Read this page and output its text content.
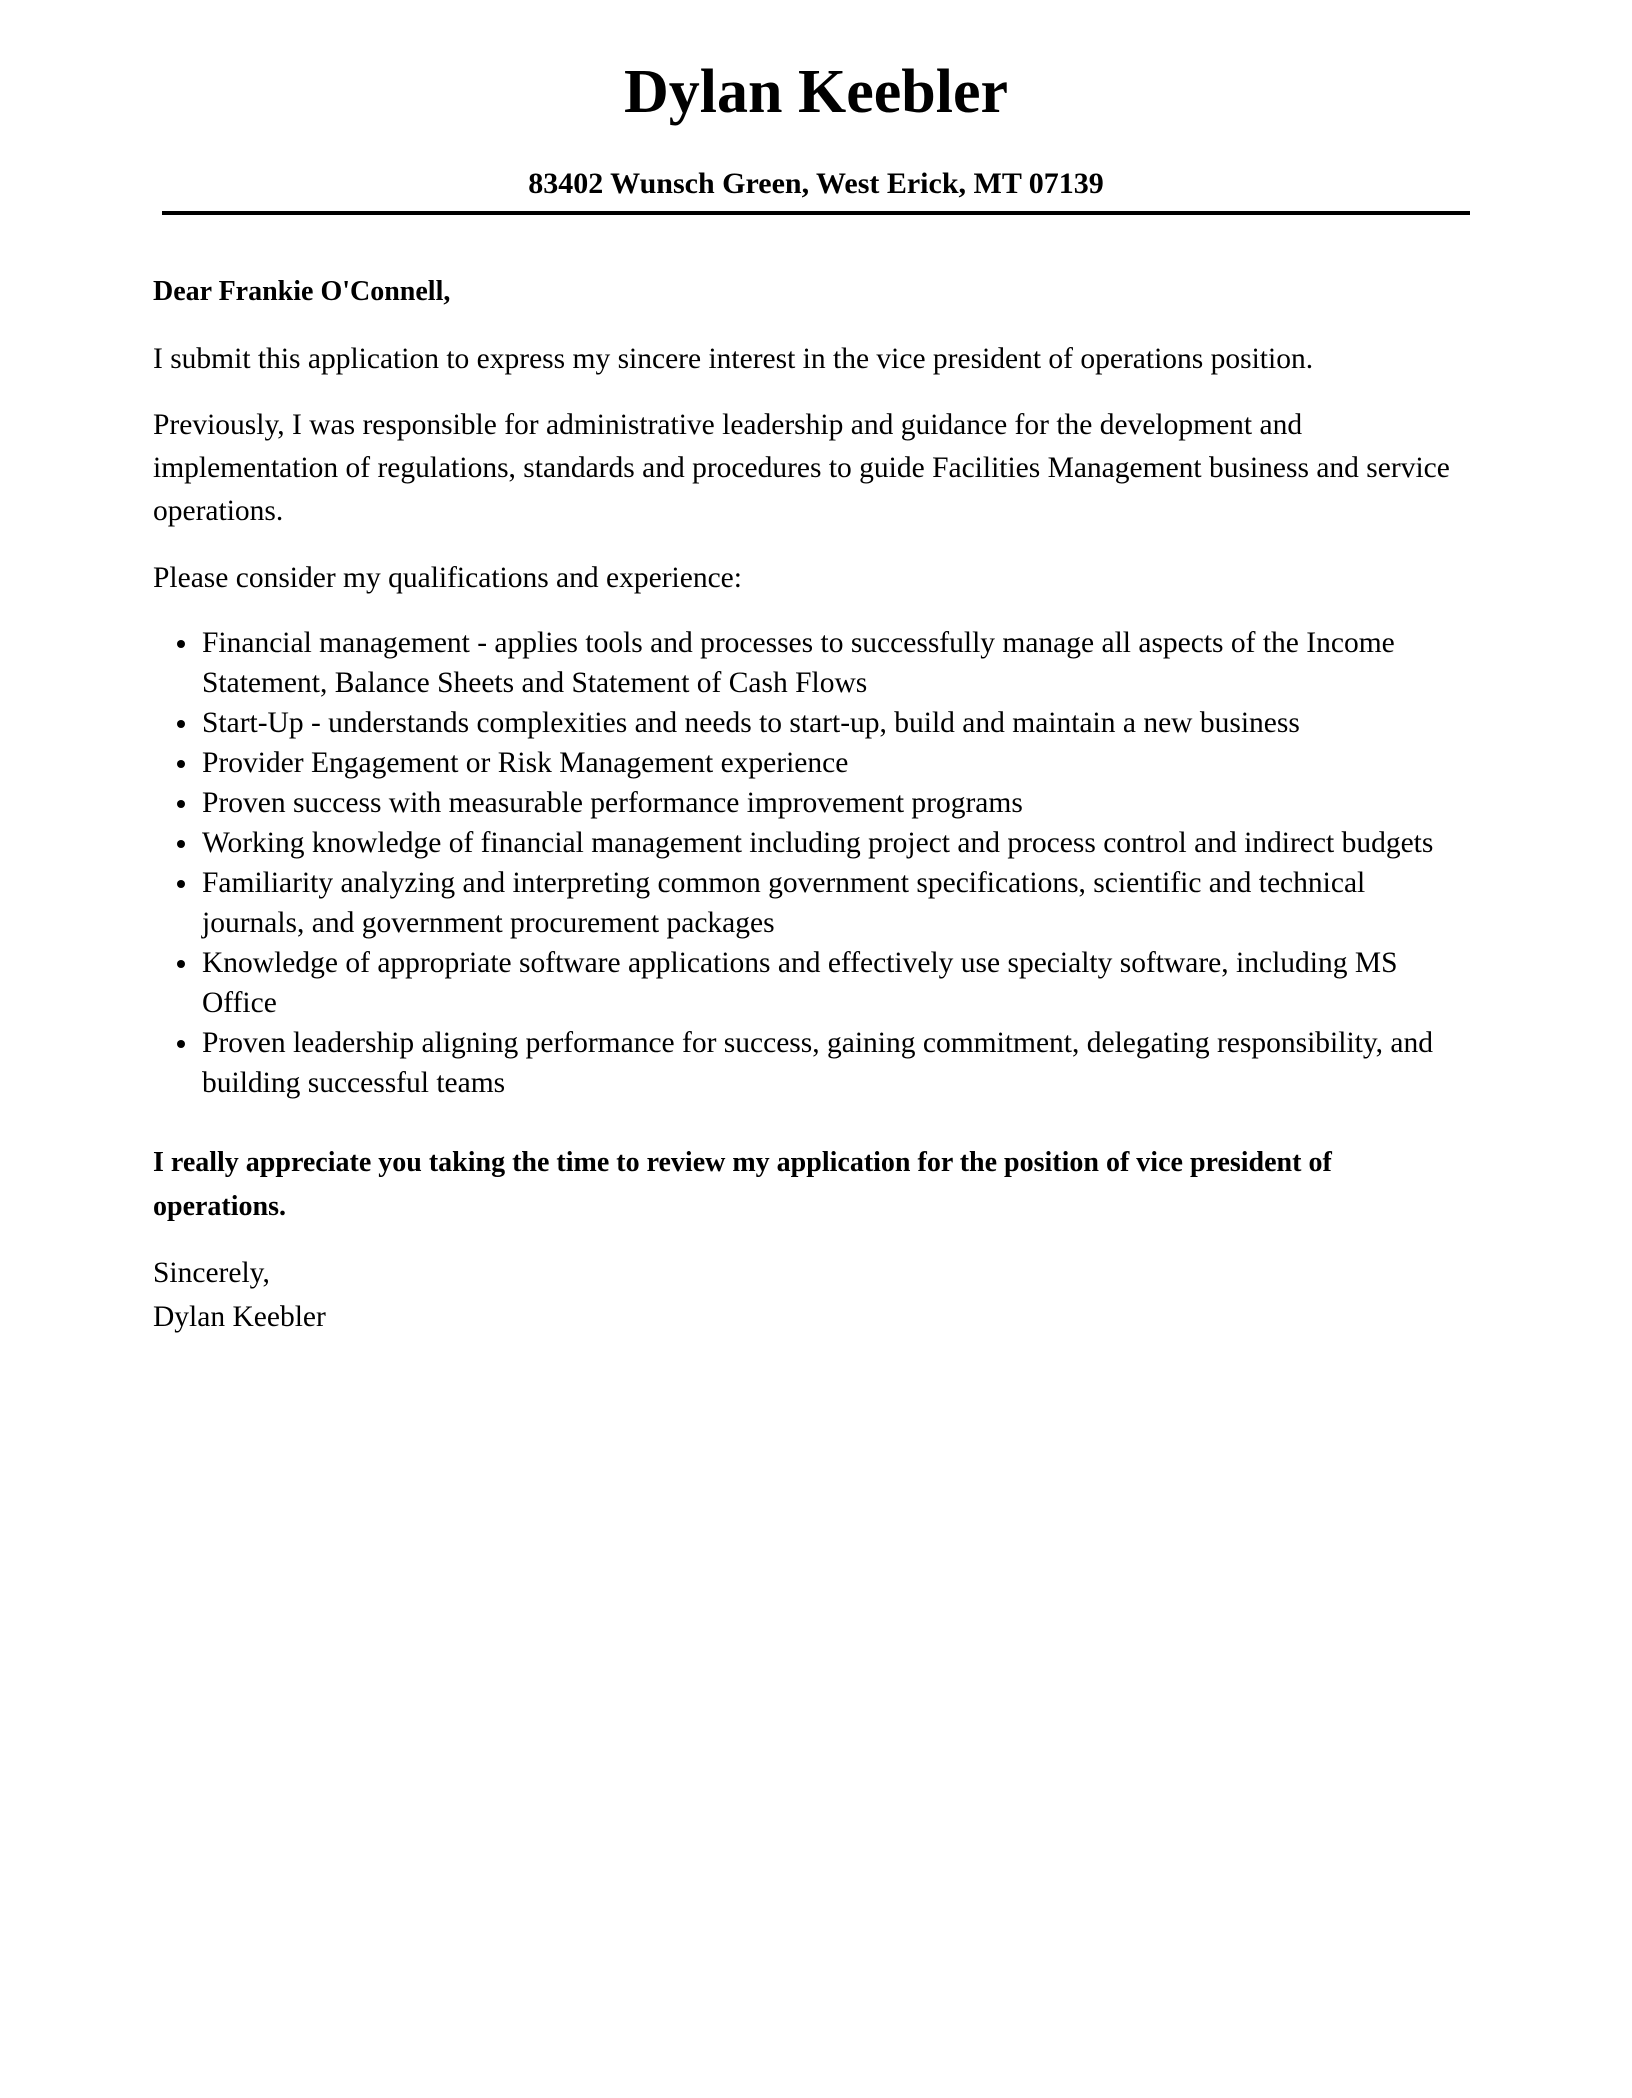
Dylan Keebler
83402 Wunsch Green, West Erick, MT 07139

Dear Frankie O'Connell,

I submit this application to express my sincere interest in the vice president of operations position.

Previously, I was responsible for administrative leadership and guidance for the development and implementation of regulations, standards and procedures to guide Facilities Management business and service operations.

Please consider my qualifications and experience:

Financial management - applies tools and processes to successfully manage all aspects of the Income Statement, Balance Sheets and Statement of Cash Flows
Start-Up - understands complexities and needs to start-up, build and maintain a new business
Provider Engagement or Risk Management experience
Proven success with measurable performance improvement programs
Working knowledge of financial management including project and process control and indirect budgets
Familiarity analyzing and interpreting common government specifications, scientific and technical journals, and government procurement packages
Knowledge of appropriate software applications and effectively use specialty software, including MS Office
Proven leadership aligning performance for success, gaining commitment, delegating responsibility, and building successful teams

I really appreciate you taking the time to review my application for the position of vice president of operations.

Sincerely,

Dylan Keebler
